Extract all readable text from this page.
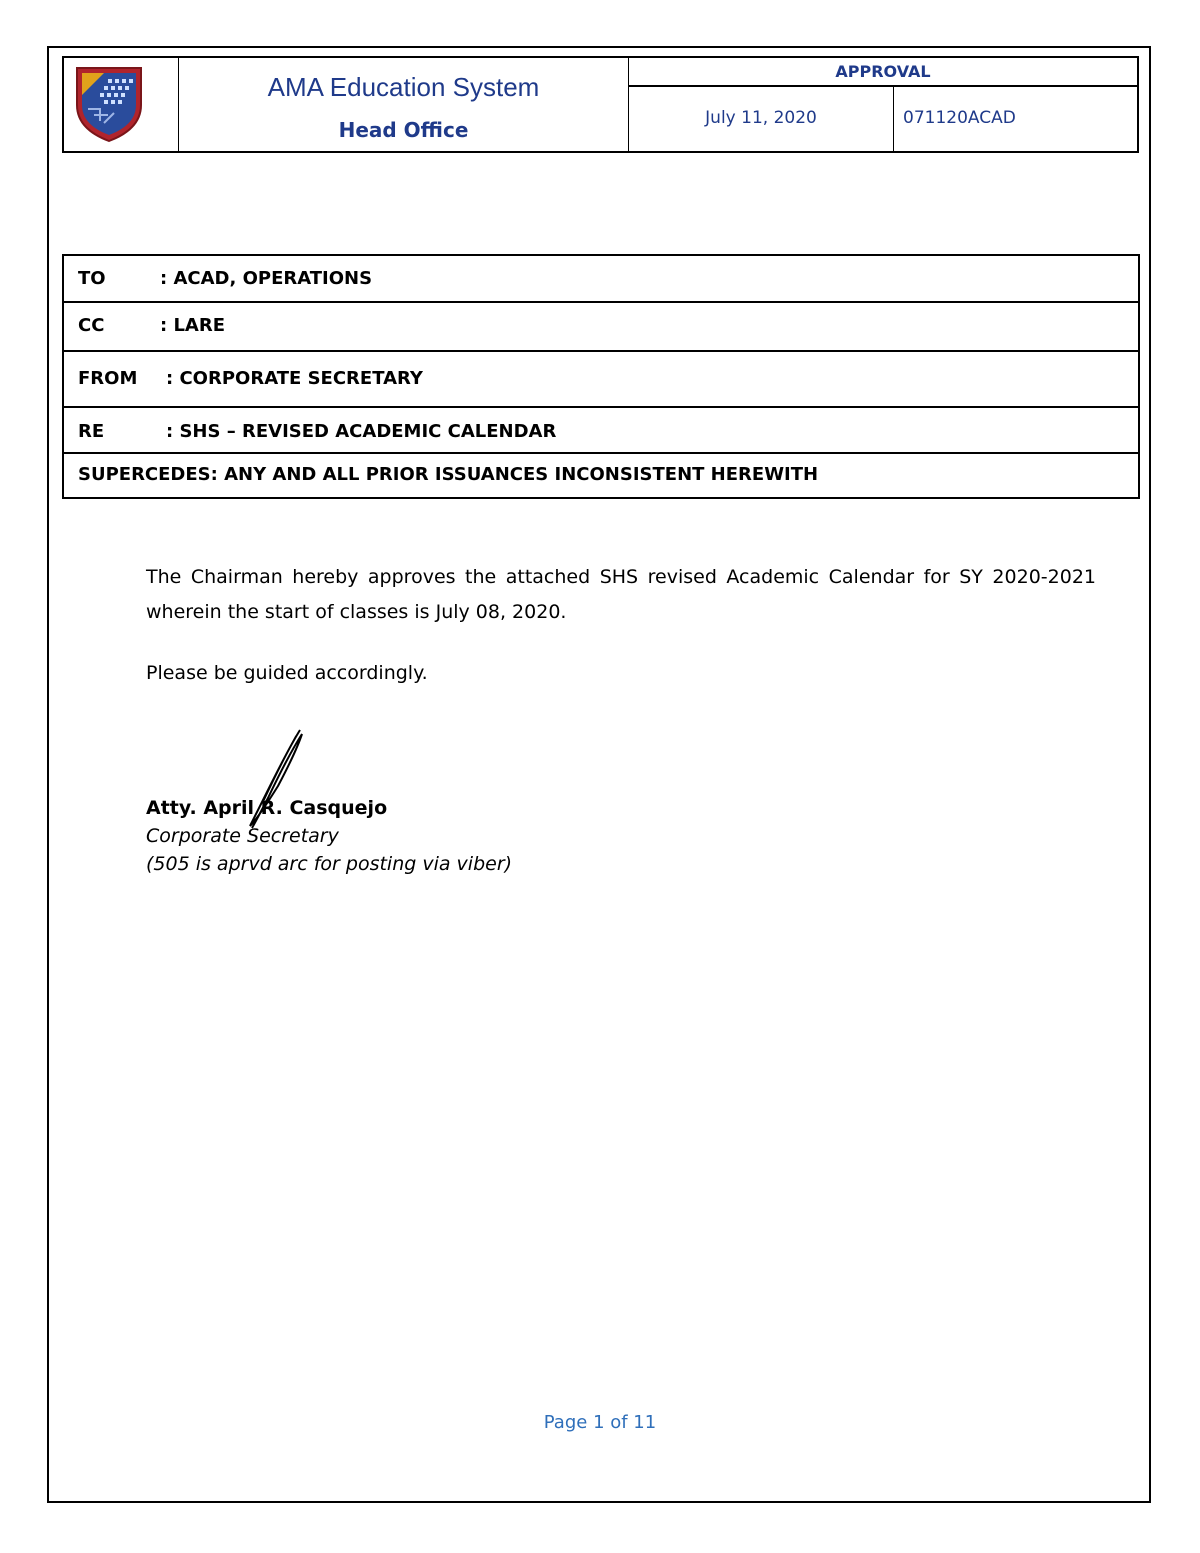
AMA Education System
Head Office
APPROVAL
July 11, 2020	071120ACAD
TO	: ACAD, OPERATIONS
CC	: LARE
FROM : CORPORATE SECRETARY
RE	: SHS – REVISED ACADEMIC CALENDAR
SUPERCEDES: ANY AND ALL PRIOR ISSUANCES INCONSISTENT HEREWITH

The Chairman hereby approves the attached SHS revised Academic Calendar for SY 2020-2021 wherein the start of classes is July 08, 2020.

Please be guided accordingly.
Atty. April R. Casquejo
Corporate Secretary
(505 is aprvd arc for posting via viber)
Page 1 of 11
